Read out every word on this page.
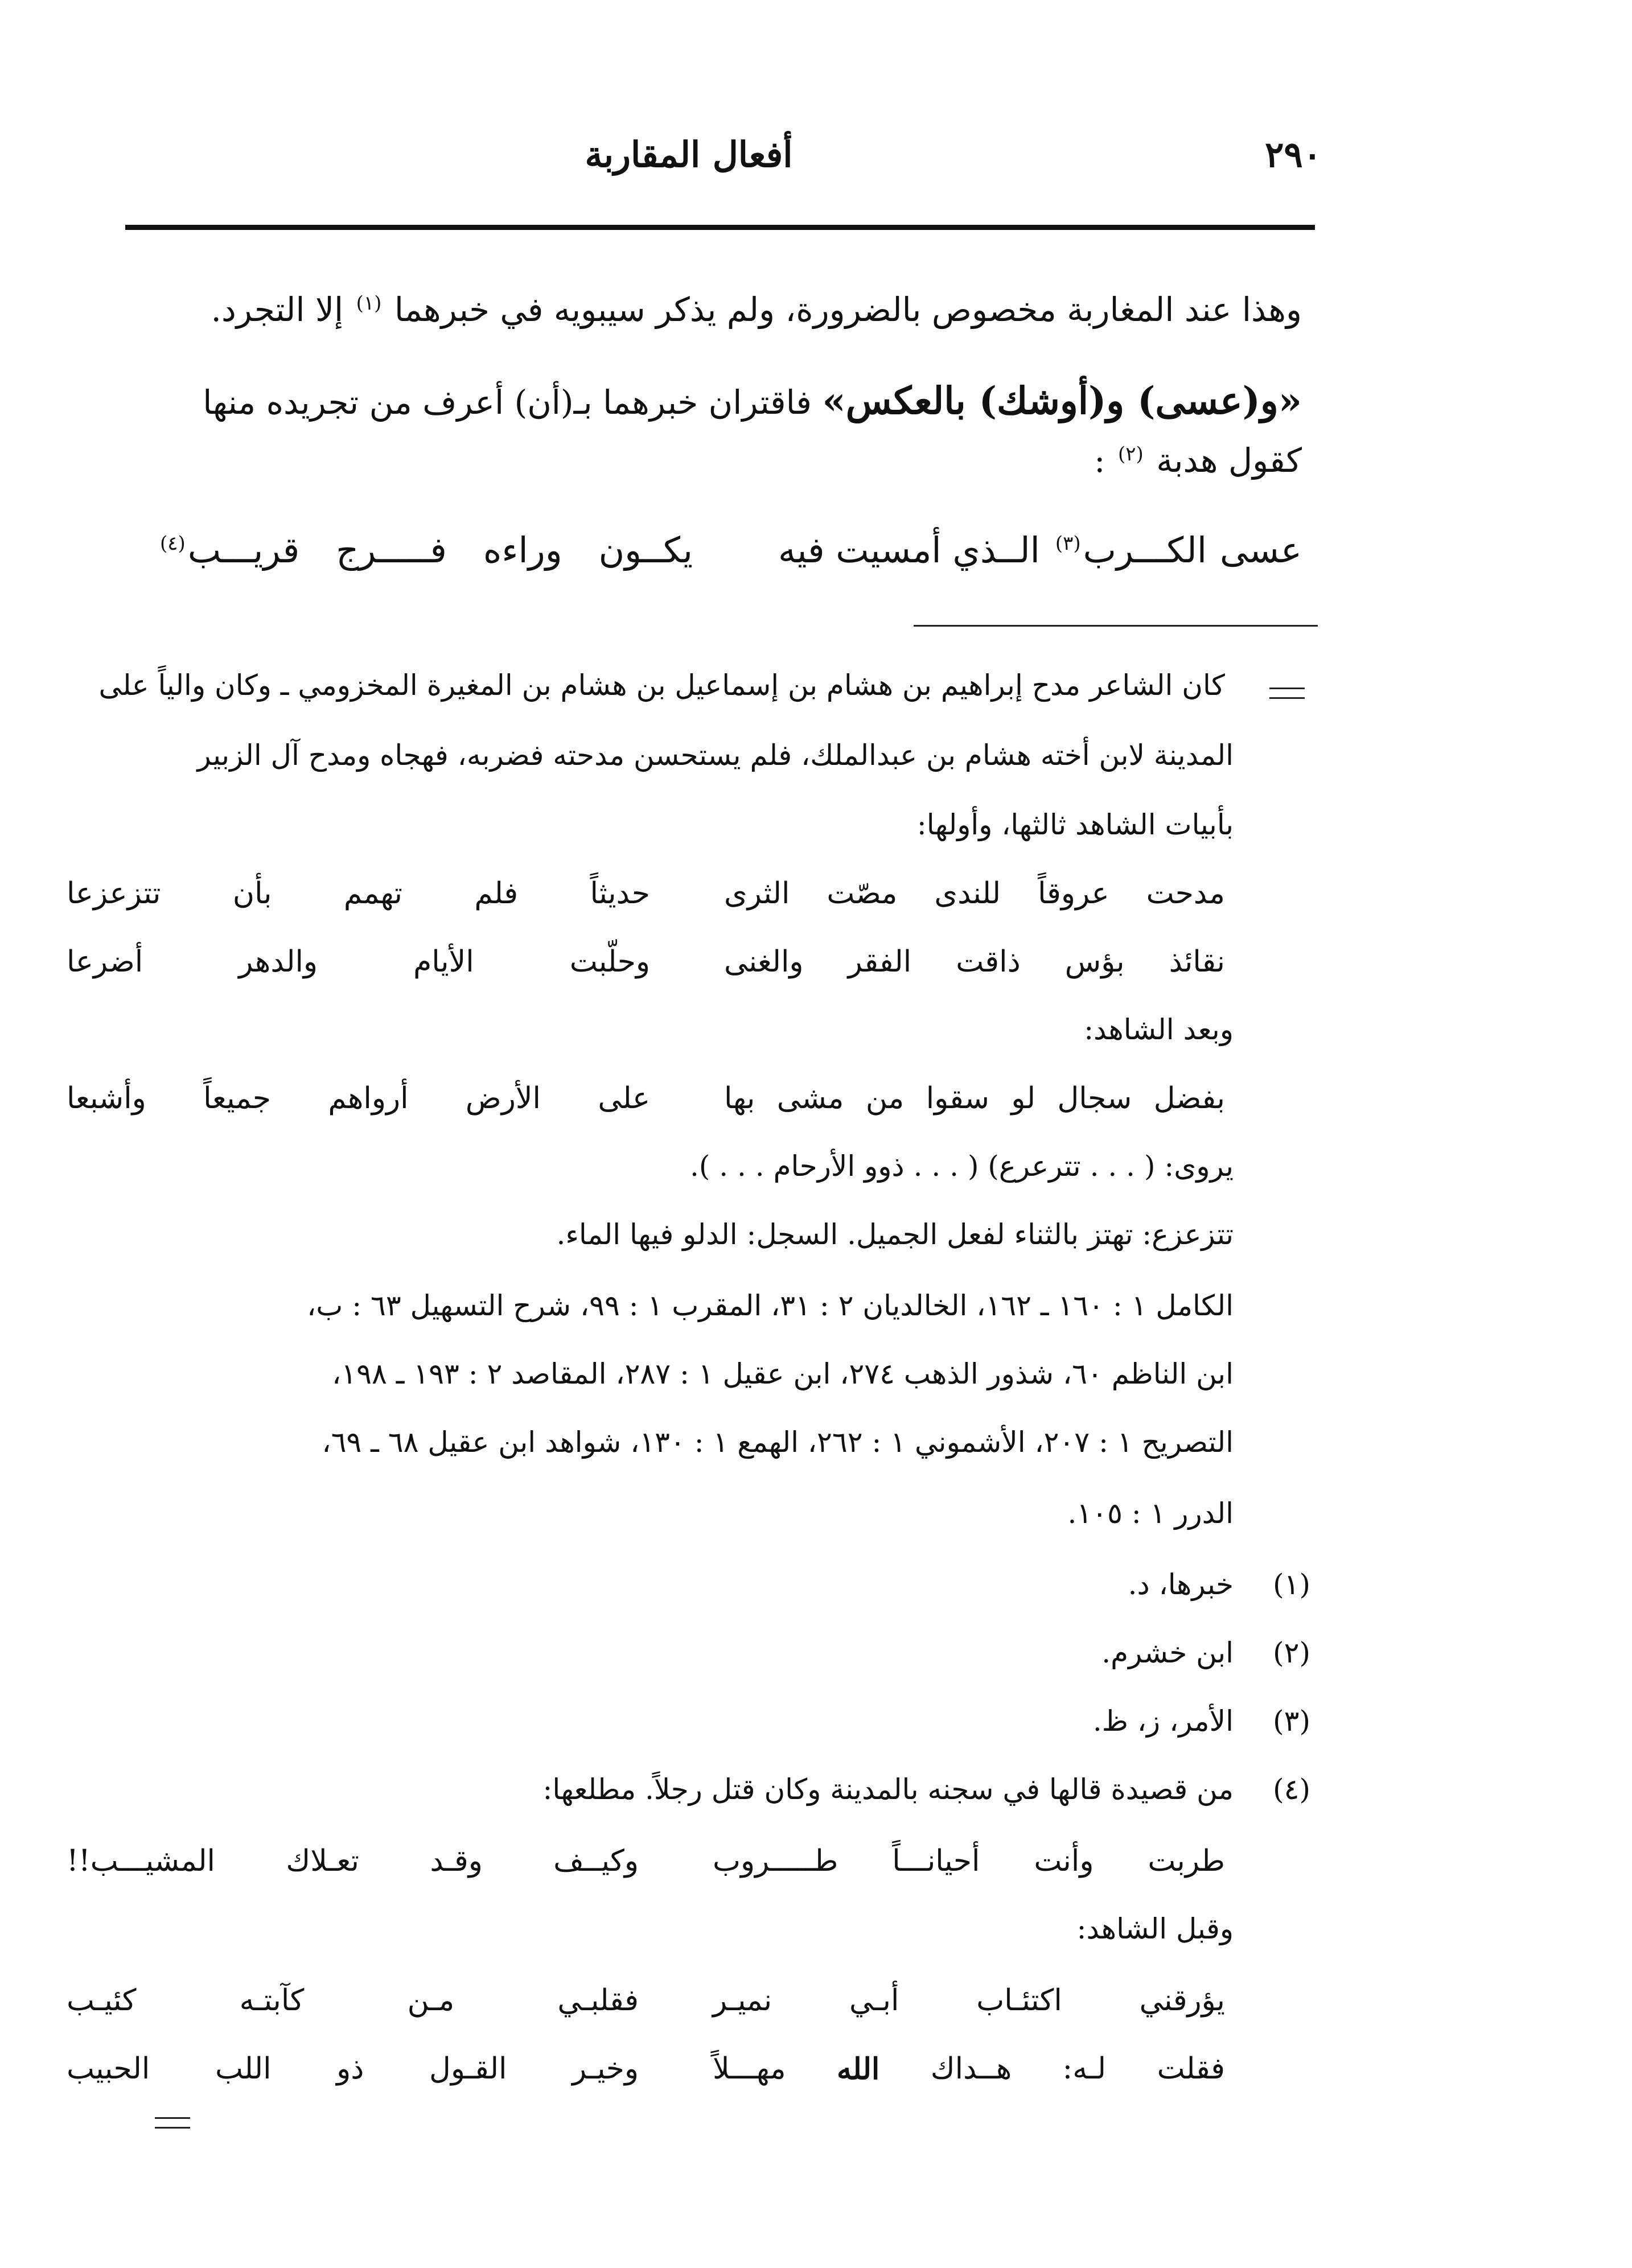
٢٩٠
أفعال المقاربة
وهذا عند المغاربة مخصوص بالضرورة، ولم يذكر سيبويه في خبرهما $^{(١)}$ إلا التجرد.
«و(عسى) و(أوشك) بالعكس» فاقتران خبرهما بـ(أن) أعرف من تجريده منها
كقول هدبة $^{(٢)}$ :
عسى
الكـــرب(٣)
الــذي أمسيت فيه
يكــون
وراءه
فـــــرج
قريـــب(٤)
كان الشاعر مدح إبراهيم بن هشام بن إسماعيل بن هشام بن المغيرة المخزومي ـ وكان والياً على
المدينة لابن أخته هشام بن عبدالملك، فلم يستحسن مدحته فضربه، فهجاه ومدح آل الزبير
بأبيات الشاهد ثالثها، وأولها:
مدحت
عروقاً
للندى
مصّت
الثرى
حديثاً
فلم
تهمم
بأن
تتزعزعا
نقائذ
بؤس
ذاقت
الفقر
والغنى
وحلّبت
الأيام
والدهر
أضرعا
وبعد الشاهد:
بفضل
سجال
لو
سقوا
من
مشى
بها
على
الأرض
أرواهم
جميعاً
وأشبعا
يروى: ( . . . تترعرع) ( . . . ذوو الأرحام . . . ).
تتزعزع: تهتز بالثناء لفعل الجميل. السجل: الدلو فيها الماء.
الكامل ١ : ١٦٠ ـ ١٦٢، الخالديان ٢ : ٣١، المقرب ١ : ٩٩، شرح التسهيل ٦٣ : ب،
ابن الناظم ٦٠، شذور الذهب ٢٧٤، ابن عقيل ١ : ٢٨٧، المقاصد ٢ : ١٩٣ ـ ١٩٨،
التصريح ١ : ٢٠٧، الأشموني ١ : ٢٦٢، الهمع ١ : ١٣٠، شواهد ابن عقيل ٦٨ ـ ٦٩،
الدرر ١ : ١٠٥.
(١)
خبرها، د.
(٢)
ابن خشرم.
(٣)
الأمر، ز، ظ.
(٤)
من قصيدة قالها في سجنه بالمدينة وكان قتل رجلاً. مطلعها:
طربت
وأنت
أحيانـــاً
طـــــروب
وكيــف
وقـد
تعـلاك
المشيـــب!!
وقبل الشاهد:
يؤرقني
اكتئـاب
أبـي
نميـر
فقلبـي
مـن
كآبتـه
كئيـب
فقلت
لـه:
هــداك
الله
مهـــلاً
وخيـر
القـول
ذو
اللب
الحبيب
